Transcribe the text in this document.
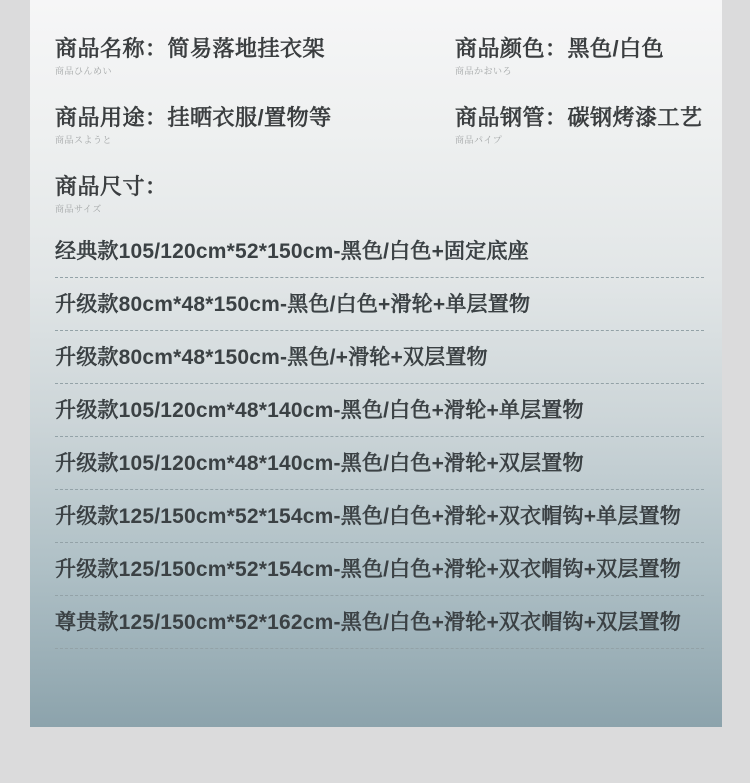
商品名称：简易落地挂衣架
商品ひんめい
商品颜色：黑色/白色
商品かおいろ
商品用途：挂晒衣服/置物等
商品スようと
商品钢管：碳钢烤漆工艺
商品パイプ
商品尺寸：
商品サイズ
经典款105/120cm*52*150cm-黑色/白色+固定底座
升级款80cm*48*150cm-黑色/白色+滑轮+单层置物
升级款80cm*48*150cm-黑色/+滑轮+双层置物
升级款105/120cm*48*140cm-黑色/白色+滑轮+单层置物
升级款105/120cm*48*140cm-黑色/白色+滑轮+双层置物
升级款125/150cm*52*154cm-黑色/白色+滑轮+双衣帽钩+单层置物
升级款125/150cm*52*154cm-黑色/白色+滑轮+双衣帽钩+双层置物
尊贵款125/150cm*52*162cm-黑色/白色+滑轮+双衣帽钩+双层置物
